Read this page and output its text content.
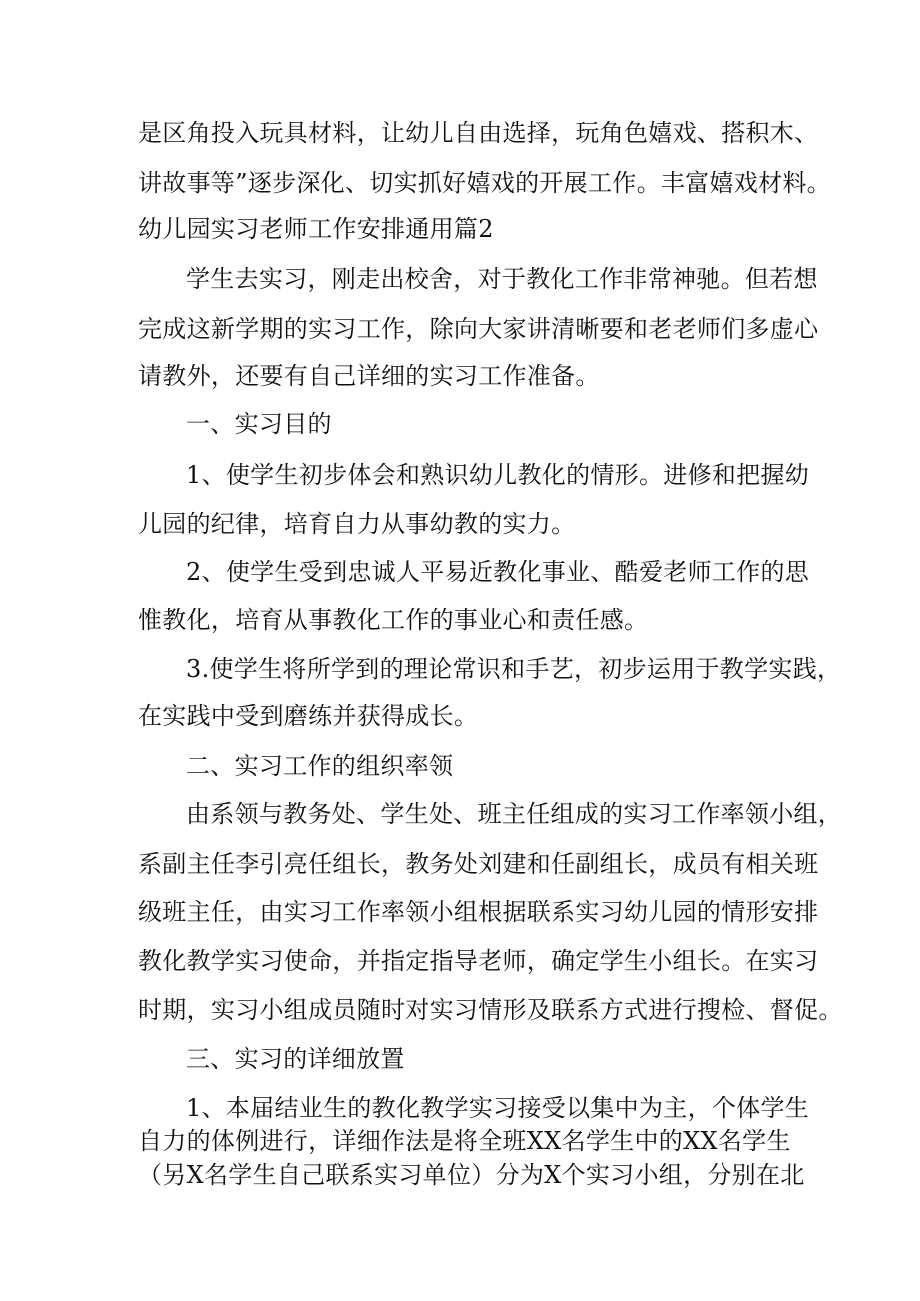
是区角投入玩具材料，让幼儿自由选择，玩角色嬉戏、搭积木、

讲故事等”逐步深化、切实抓好嬉戏的开展工作。丰富嬉戏材料。

幼儿园实习老师工作安排通用篇2

学生去实习，刚走出校舍，对于教化工作非常神驰。但若想

完成这新学期的实习工作，除向大家讲清晰要和老老师们多虚心

请教外，还要有自己详细的实习工作准备。

一、实习目的

1、使学生初步体会和熟识幼儿教化的情形。进修和把握幼

儿园的纪律，培育自力从事幼教的实力。

2、使学生受到忠诚人平易近教化事业、酷爱老师工作的思

惟教化，培育从事教化工作的事业心和责任感。

3.使学生将所学到的理论常识和手艺，初步运用于教学实践，

在实践中受到磨练并获得成长。

二、实习工作的组织率领

由系领与教务处、学生处、班主任组成的实习工作率领小组，

系副主任李引亮任组长，教务处刘建和任副组长，成员有相关班

级班主任，由实习工作率领小组根据联系实习幼儿园的情形安排

教化教学实习使命，并指定指导老师，确定学生小组长。在实习

时期，实习小组成员随时对实习情形及联系方式进行搜检、督促。

三、实习的详细放置

1、本届结业生的教化教学实习接受以集中为主，个体学生

自力的体例进行，详细作法是将全班XX名学生中的XX名学生

（另X名学生自己联系实习单位）分为X个实习小组，分别在北
